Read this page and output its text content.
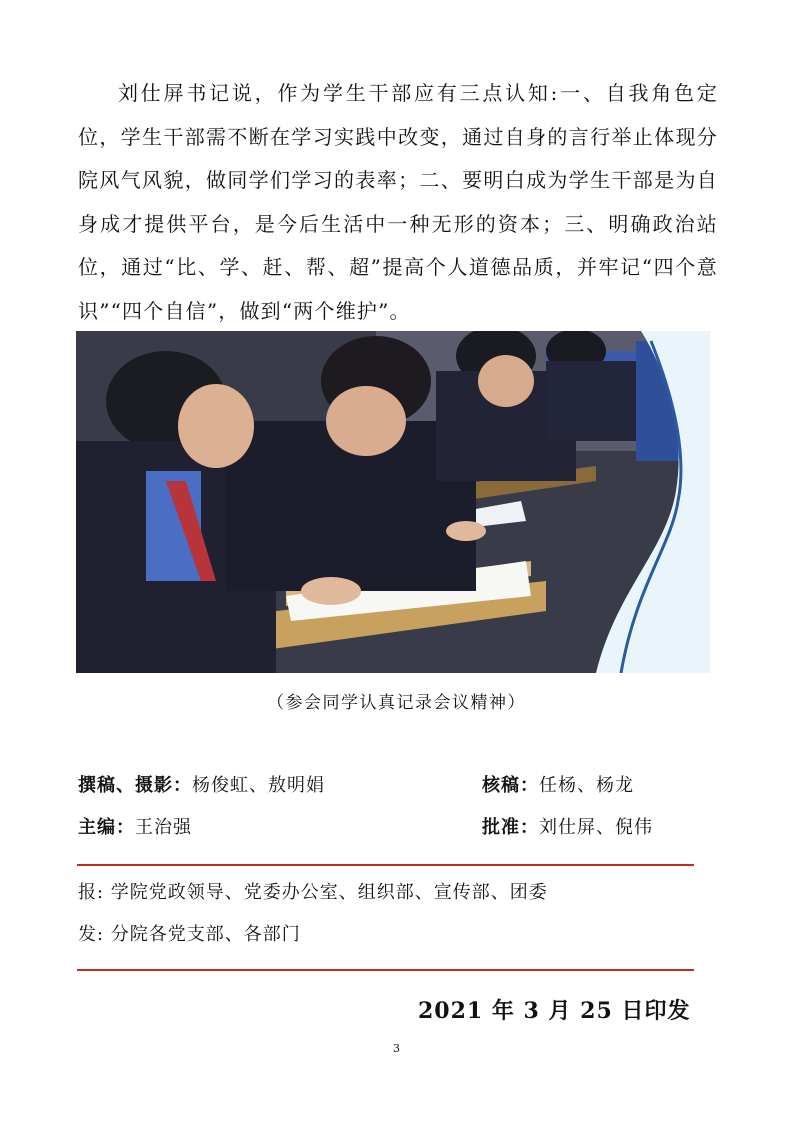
刘仕屏书记说，作为学生干部应有三点认知:一、自我角色定位，学生干部需不断在学习实践中改变，通过自身的言行举止体现分院风气风貌，做同学们学习的表率；二、要明白成为学生干部是为自身成才提供平台，是今后生活中一种无形的资本；三、明确政治站位，通过“比、学、赶、帮、超”提高个人道德品质，并牢记“四个意识”“四个自信”，做到“两个维护”。

（参会同学认真记录会议精神）
撰稿、摄影：杨俊虹、敖明娟	核稿：任杨、杨龙
主编：王治强	批准：刘仕屏、倪伟
报: 学院党政领导、党委办公室、组织部、宣传部、团委
发: 分院各党支部、各部门
2021 年 3 月 25 日印发
3
